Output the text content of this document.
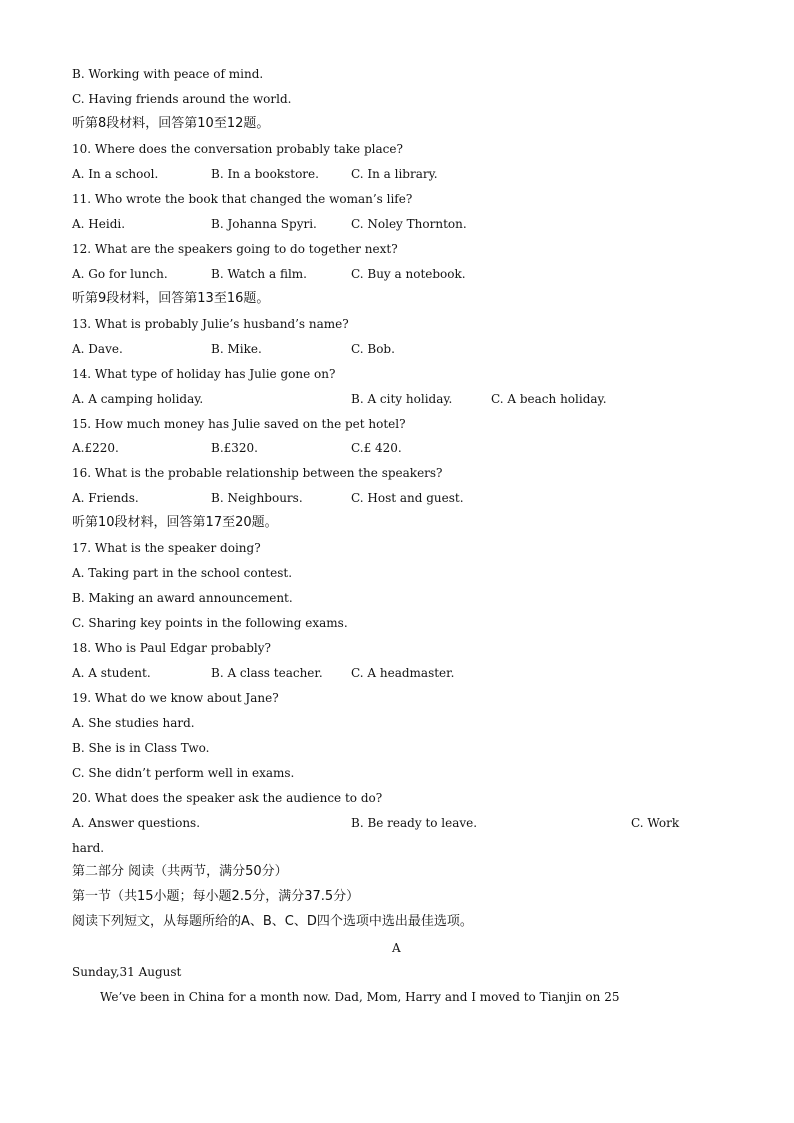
B. Working with peace of mind.
C. Having friends around the world.
听第8段材料，回答第10至12题。
10. Where does the conversation probably take place?
A. In a school.	B. In a bookstore.	C. In a library.
11. Who wrote the book that changed the woman’s life?
A. Heidi.	B. Johanna Spyri.	C. Noley Thornton.
12. What are the speakers going to do together next?
A. Go for lunch.	B. Watch a film.	C. Buy a notebook.
听第9段材料，回答第13至16题。
13. What is probably Julie’s husband’s name?
A. Dave.	B. Mike.	C. Bob.
14. What type of holiday has Julie gone on?
A. A camping holiday.	B. A city holiday.	C. A beach holiday.
15. How much money has Julie saved on the pet hotel?
A.£220.	B.£320.	C.£ 420.
16. What is the probable relationship between the speakers?
A. Friends.	B. Neighbours.	C. Host and guest.
听第10段材料，回答第17至20题。
17. What is the speaker doing?
A. Taking part in the school contest.
B. Making an award announcement.
C. Sharing key points in the following exams.
18. Who is Paul Edgar probably?
A. A student.	B. A class teacher. C. A headmaster.
19. What do we know about Jane?
A. She studies hard.
B. She is in Class Two.
C. She didn’t perform well in exams.
20. What does the speaker ask the audience to do?
A. Answer questions.	B. Be ready to leave.	C. Work
hard.
第二部分 阅读（共两节，满分50分）
第一节（共15小题；每小题2.5分，满分37.5分）
阅读下列短文，从每题所给的A、B、C、D四个选项中选出最佳选项。
A
Sunday,31 August
We’ve been in China for a month now. Dad, Mom, Harry and I moved to Tianjin on 25
